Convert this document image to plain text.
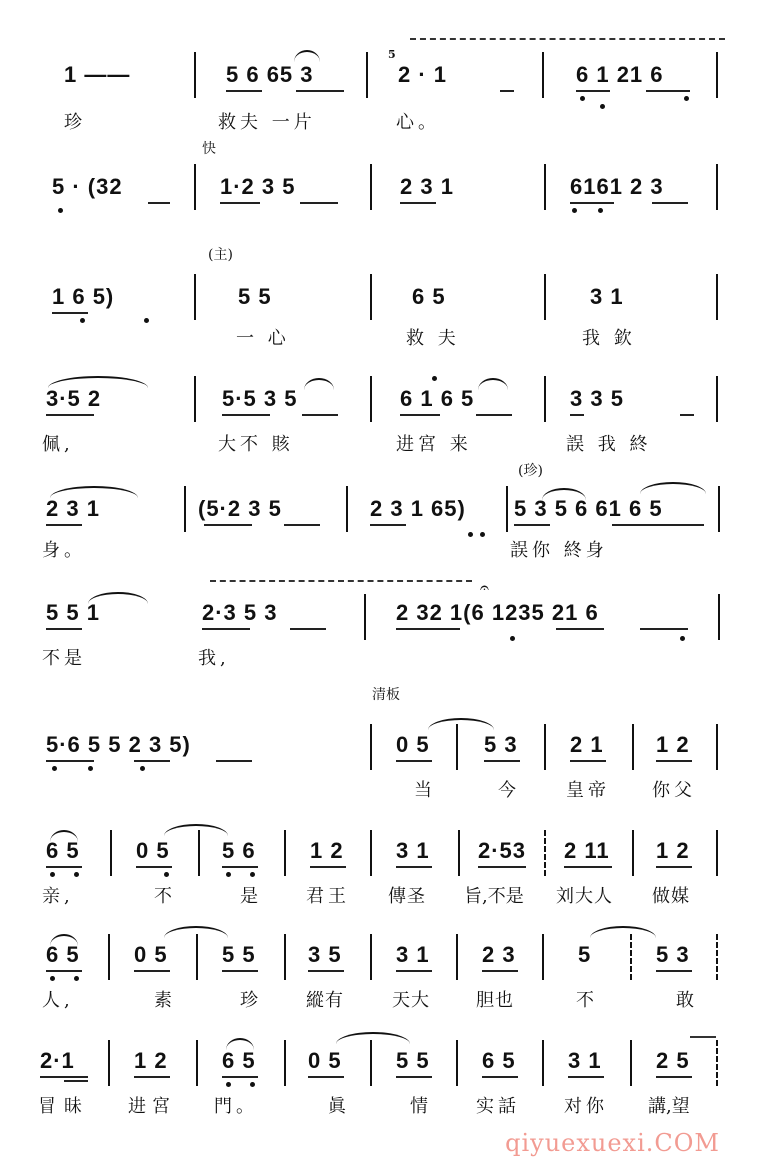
1 ——	5 6 65 3
5
2 · 1	6 1 21 6
珍	救夫 一片	心。
快
5 · (32	1·2 3 5	2 3 1	6161 2 3
(主)
1 6 5)	5 5	6 5	3 1
一 心	救 夫	我 欽
3·5 2	5·5 3 5	6 1 6 5	3 3 5
佩,	大不 賅	进宮 来	誤 我 終
(珍)
2 3 1	(5·2 3 5	2 3 1 65) 5 3 5 6 61 6 5
身。	誤你 終身
5 5 1	2·3 5 3	2 32 1(6 1235 21 6
𝄐
不是	我,
清板
5·6 5 5 2 3 5)	0 5 5 3 2 1 1 2
当	今	皇帝 你父
6 5	0 5 5 6 1 2 3 1 2·53 2 11 1 2
亲,	不	是 君王 傳圣 旨,不是 刘大人 做媒
6 5 0 5 5 5 3 5 3 1 2 3	5	5 3
人,	素	珍 縱有	天大	胆也	不	敢
2·1	1 2 6 5 0 5 5 5 6 5 3 1 2 5
冒昧 进宮 門。	眞	情 实話 对你 講,望
qiyuexuexi.COM
